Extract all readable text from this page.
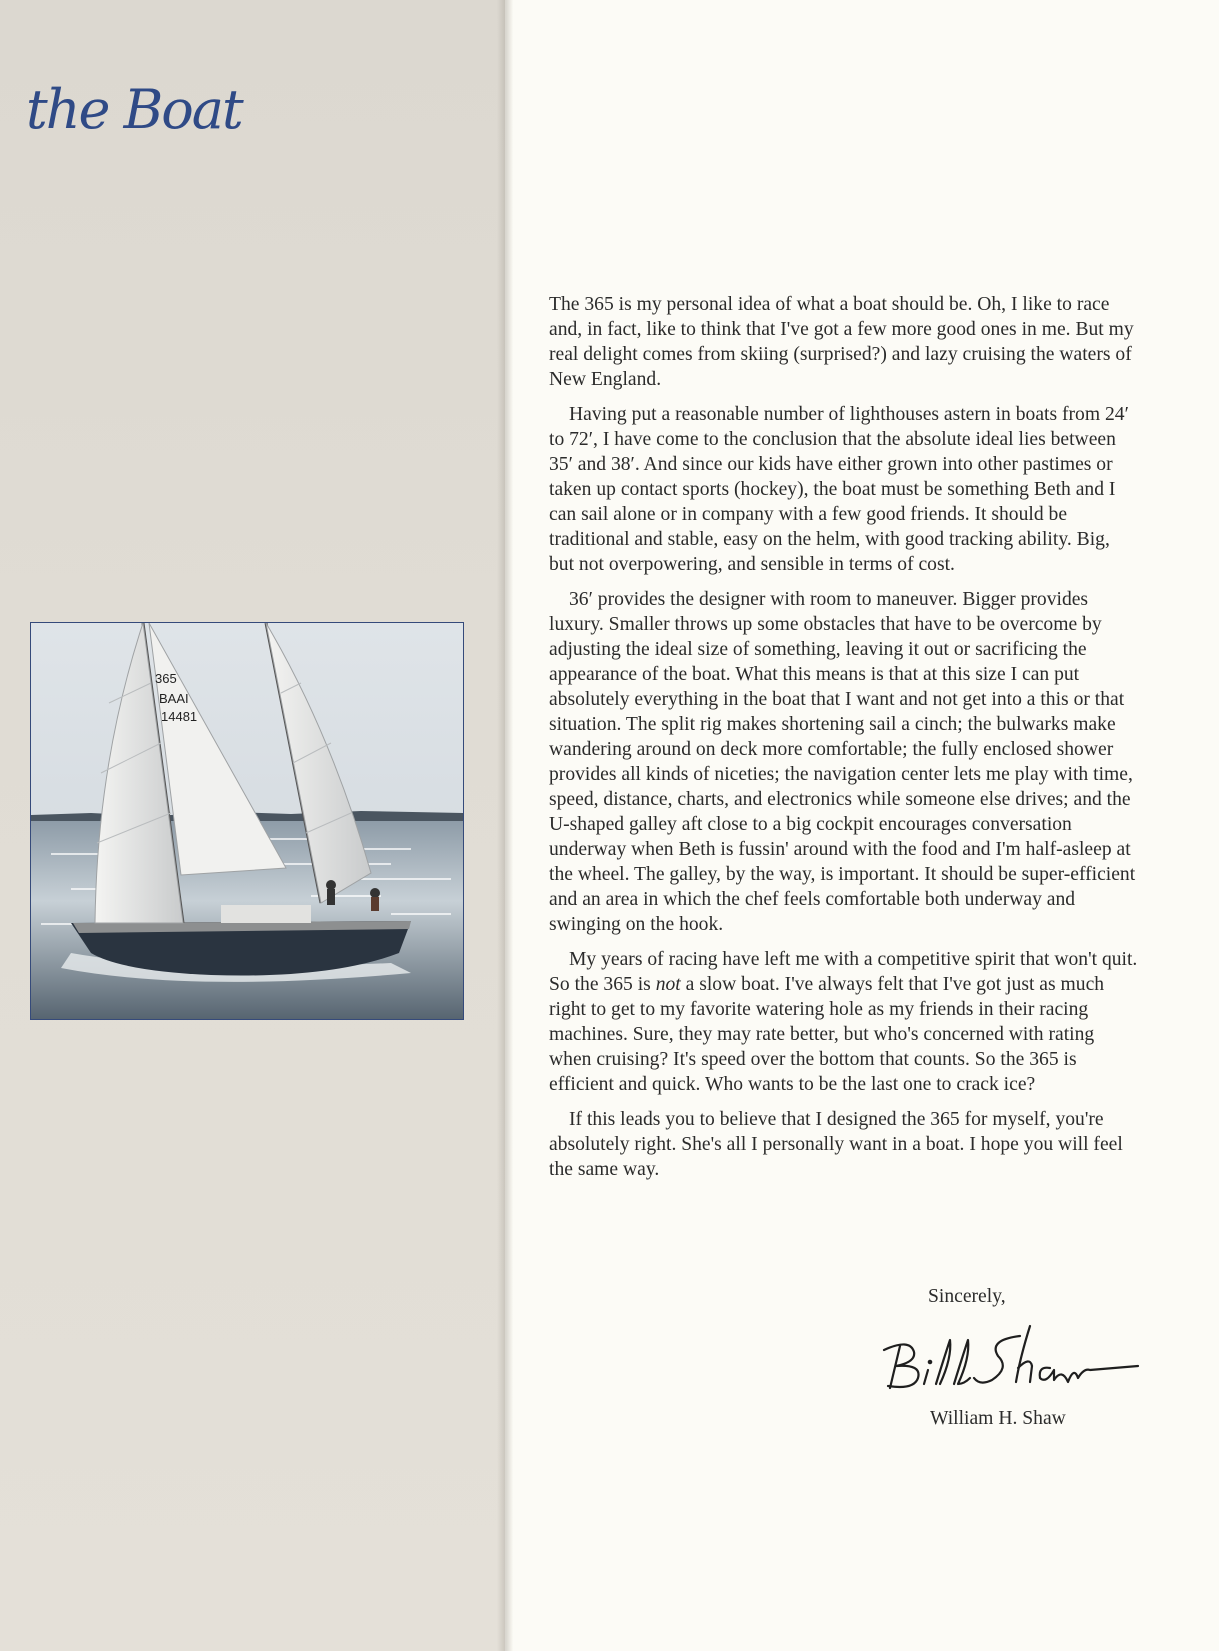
the Boat
365
BAAI
14481

The 365 is my personal idea of what a boat should be. Oh, I like to race and, in fact, like to think that I've got a few more good ones in me. But my real delight comes from skiing (surprised?) and lazy cruising the waters of New England.

Having put a reasonable number of lighthouses astern in boats from 24′ to 72′, I have come to the conclusion that the absolute ideal lies between 35′ and 38′. And since our kids have either grown into other pastimes or taken up contact sports (hockey), the boat must be something Beth and I can sail alone or in company with a few good friends. It should be traditional and stable, easy on the helm, with good tracking ability. Big, but not overpowering, and sensible in terms of cost.

36′ provides the designer with room to maneuver. Bigger provides luxury. Smaller throws up some obstacles that have to be overcome by adjusting the ideal size of something, leaving it out or sacrificing the appearance of the boat. What this means is that at this size I can put absolutely everything in the boat that I want and not get into a this or that situation. The split rig makes shortening sail a cinch; the bulwarks make wandering around on deck more comfortable; the fully enclosed shower provides all kinds of niceties; the navigation center lets me play with time, speed, distance, charts, and electronics while someone else drives; and the U-shaped galley aft close to a big cockpit encourages conversation underway when Beth is fussin' around with the food and I'm half-asleep at the wheel. The galley, by the way, is important. It should be super-efficient and an area in which the chef feels comfortable both underway and swinging on the hook.

My years of racing have left me with a competitive spirit that won't quit. So the 365 is not a slow boat. I've always felt that I've got just as much right to get to my favorite watering hole as my friends in their racing machines. Sure, they may rate better, but who's concerned with rating when cruising? It's speed over the bottom that counts. So the 365 is efficient and quick. Who wants to be the last one to crack ice?

If this leads you to believe that I designed the 365 for myself, you're absolutely right. She's all I personally want in a boat. I hope you will feel the same way.

Sincerely,
William H. Shaw
